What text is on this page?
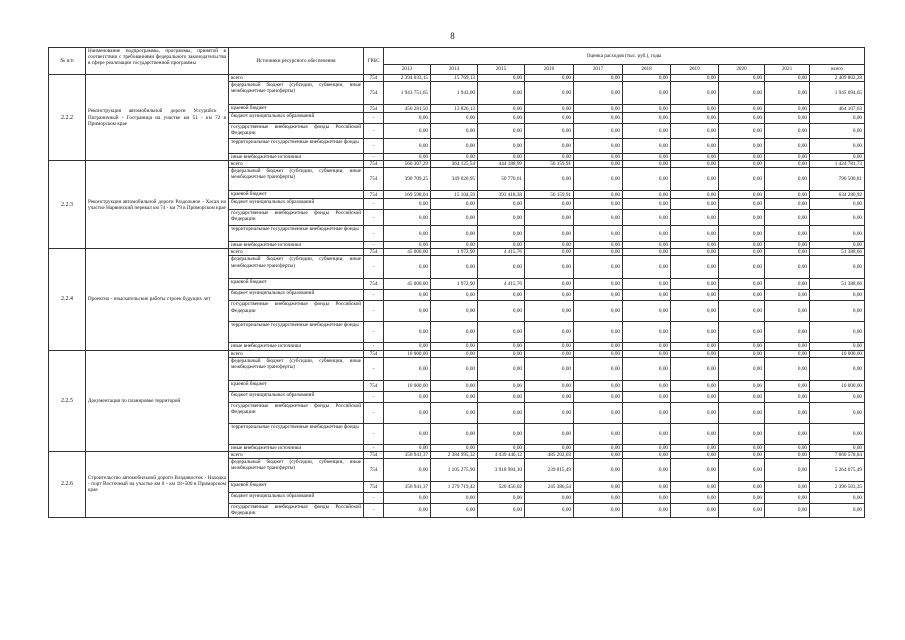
8
№ п/п	Наименование подпрограммы, программы, принятой в соответствии с требованиями федерального законодательства в сфере реализации государственной программы	Источники ресурсного обеспечения	ГРБС	Оценка расходов (тыс. руб.), годы									
				2013	2014	2015	2016	2017	2018	2019	2020	2021	всего
2.2.2	Реконструкция автомобильной дороги Уссурийск - Пограничный - Госграница на участке км 51 - км 72 в Приморском крае	всего	754	2 394 033,15	15 769,13	0,00	0,00	0,00	0,00	0,00	0,00	0,00	2 409 802,28
		федеральный бюджет (субсидии, субвенции, иные межбюджетные трансферты)	754	1 943 751,65	1 943,00	0,00	0,00	0,00	0,00	0,00	0,00	0,00	1 945 694,65
		краевой бюджет	754	450 281,50	13 826,13	0,00	0,00	0,00	0,00	0,00	0,00	0,00	464 107,63
		бюджет муниципальных образований	-	0,00	0,00	0,00	0,00	0,00	0,00	0,00	0,00	0,00	0,00
		государственные внебюджетные фонды Российской Федерации	-	0,00	0,00	0,00	0,00	0,00	0,00	0,00	0,00	0,00	0,00
		территориальные государственные внебюджетные фонды	-	0,00	0,00	0,00	0,00	0,00	0,00	0,00	0,00	0,00	0,00
		иные внебюджетные источники	-	0,00	0,00	0,00	0,00	0,00	0,00	0,00	0,00	0,00	0,00
2.2.3	Реконструкция автомобильной дороги Раздольное - Хасан на участке Нарвинский перевал км 74 - км 79 в Приморском крае	всего	754	560 307,29	364 125,54	444 188,99	56 159,91	0,00	0,00	0,00	0,00	0,00	1 424 781,73
		федеральный бюджет (субсидии, субвенции, иные межбюджетные трансферты)	754	390 709,25	349 020,95	50 770,61	0,00	0,00	0,00	0,00	0,00	0,00	790 500,81
		краевой бюджет	754	169 598,04	15 104,59	393 418,38	56 159,91	0,00	0,00	0,00	0,00	0,00	634 280,92
		бюджет муниципальных образований	-	0,00	0,00	0,00	0,00	0,00	0,00	0,00	0,00	0,00	0,00
		государственные внебюджетные фонды Российской Федерации	-	0,00	0,00	0,00	0,00	0,00	0,00	0,00	0,00	0,00	0,00
		территориальные государственные внебюджетные фонды	-	0,00	0,00	0,00	0,00	0,00	0,00	0,00	0,00	0,00	0,00
		иные внебюджетные источники	-	0,00	0,00	0,00	0,00	0,00	0,00	0,00	0,00	0,00	0,00
2.2.4	Проектно - изыскательские работы строек будущих лет	всего	754	45 000,00	1 972,90	4 415,76	0,00	0,00	0,00	0,00	0,00	0,00	51 388,66
		федеральный бюджет (субсидии, субвенции, иные межбюджетные трансферты)	-	0,00	0,00	0,00	0,00	0,00	0,00	0,00	0,00	0,00	0,00
		краевой бюджет	754	45 000,00	1 972,90	4 415,76	0,00	0,00	0,00	0,00	0,00	0,00	51 388,66
		бюджет муниципальных образований	-	0,00	0,00	0,00	0,00	0,00	0,00	0,00	0,00	0,00	0,00
		государственные внебюджетные фонды Российской Федерации	-	0,00	0,00	0,00	0,00	0,00	0,00	0,00	0,00	0,00	0,00
		территориальные государственные внебюджетные фонды	-	0,00	0,00	0,00	0,00	0,00	0,00	0,00	0,00	0,00	0,00
		иные внебюджетные источники	-	0,00	0,00	0,00	0,00	0,00	0,00	0,00	0,00	0,00	0,00
2.2.5	Документация по планировке территорий	всего	754	10 000,00	0,00	0,00	0,00	0,00	0,00	0,00	0,00	0,00	10 000,00
		федеральный бюджет (субсидии, субвенции, иные межбюджетные трансферты)	-	0,00	0,00	0,00	0,00	0,00	0,00	0,00	0,00	0,00	0,00
		краевой бюджет	754	10 000,00	0,00	0,00	0,00	0,00	0,00	0,00	0,00	0,00	10 000,00
		бюджет муниципальных образований	-	0,00	0,00	0,00	0,00	0,00	0,00	0,00	0,00	0,00	0,00
		государственные внебюджетные фонды Российской Федерации	-	0,00	0,00	0,00	0,00	0,00	0,00	0,00	0,00	0,00	0,00
		территориальные государственные внебюджетные фонды	-	0,00	0,00	0,00	0,00	0,00	0,00	0,00	0,00	0,00	0,00
		иные внебюджетные источники	-	0,00	0,00	0,00	0,00	0,00	0,00	0,00	0,00	0,00	0,00
2.2.6	Строительство автомобильной дороги Владивосток - Находка - порт Восточный на участке км 0 - км 18+500 в Приморском крае	всего	754	350 941,37	2 384 995,32	4 439 440,12	485 202,03	0,00	0,00	0,00	0,00	0,00	7 660 578,84
		федеральный бюджет (субсидии, субвенции, иные межбюджетные трансферты)	754	0,00	1 105 275,90	3 918 984,10	239 815,49	0,00	0,00	0,00	0,00	0,00	5 264 075,49
		краевой бюджет	754	350 941,37	1 279 719,42	520 456,02	245 386,54	0,00	0,00	0,00	0,00	0,00	2 396 503,35
		бюджет муниципальных образований	-	0,00	0,00	0,00	0,00	0,00	0,00	0,00	0,00	0,00	0,00
		государственные внебюджетные фонды Российской Федерации	-	0,00	0,00	0,00	0,00	0,00	0,00	0,00	0,00	0,00	0,00
